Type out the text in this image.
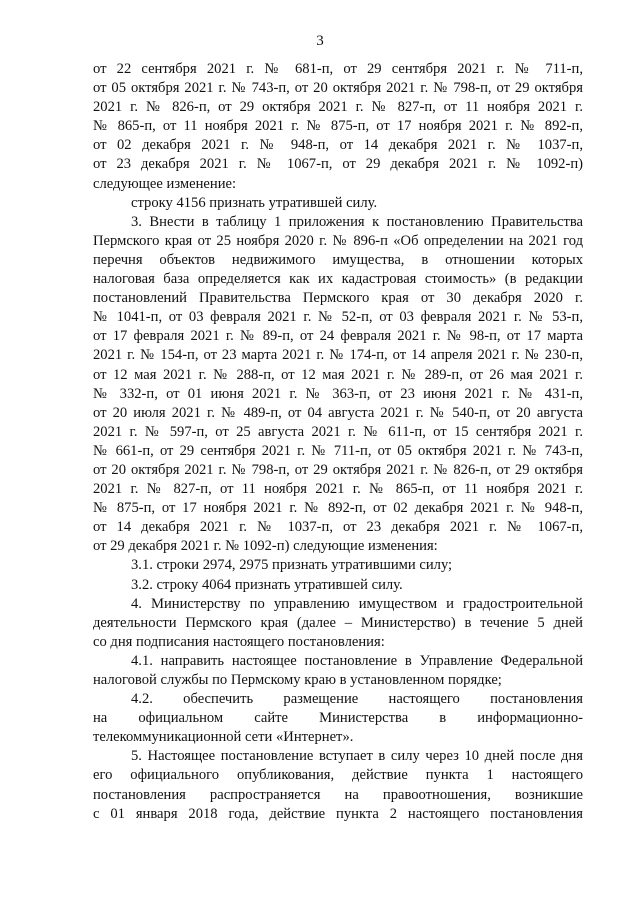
3
от 22 сентября 2021 г. № 681-п, от 29 сентября 2021 г. № 711-п,
от 05 октября 2021 г. № 743-п, от 20 октября 2021 г. № 798-п, от 29 октября
2021 г. № 826-п, от 29 октября 2021 г. № 827-п, от 11 ноября 2021 г.
№ 865-п, от 11 ноября 2021 г. № 875-п, от 17 ноября 2021 г. № 892-п,
от 02 декабря 2021 г. № 948-п, от 14 декабря 2021 г. № 1037-п,
от 23 декабря 2021 г. № 1067-п, от 29 декабря 2021 г. № 1092-п)
следующее изменение:
строку 4156 признать утратившей силу.
3. Внести в таблицу 1 приложения к постановлению Правительства
Пермского края от 25 ноября 2020 г. № 896-п «Об определении на 2021 год
перечня объектов недвижимого имущества, в отношении которых
налоговая база определяется как их кадастровая стоимость» (в редакции
постановлений Правительства Пермского края от 30 декабря 2020 г.
№ 1041-п, от 03 февраля 2021 г. № 52-п, от 03 февраля 2021 г. № 53-п,
от 17 февраля 2021 г. № 89-п, от 24 февраля 2021 г. № 98-п, от 17 марта
2021 г. № 154-п, от 23 марта 2021 г. № 174-п, от 14 апреля 2021 г. № 230-п,
от 12 мая 2021 г. № 288-п, от 12 мая 2021 г. № 289-п, от 26 мая 2021 г.
№ 332-п, от 01 июня 2021 г. № 363-п, от 23 июня 2021 г. № 431-п,
от 20 июля 2021 г. № 489-п, от 04 августа 2021 г. № 540-п, от 20 августа
2021 г. № 597-п, от 25 августа 2021 г. № 611-п, от 15 сентября 2021 г.
№ 661-п, от 29 сентября 2021 г. № 711-п, от 05 октября 2021 г. № 743-п,
от 20 октября 2021 г. № 798-п, от 29 октября 2021 г. № 826-п, от 29 октября
2021 г. № 827-п, от 11 ноября 2021 г. № 865-п, от 11 ноября 2021 г.
№ 875-п, от 17 ноября 2021 г. № 892-п, от 02 декабря 2021 г. № 948-п,
от 14 декабря 2021 г. № 1037-п, от 23 декабря 2021 г. № 1067-п,
от 29 декабря 2021 г. № 1092-п) следующие изменения:
3.1. строки 2974, 2975 признать утратившими силу;
3.2. строку 4064 признать утратившей силу.
4. Министерству по управлению имуществом и градостроительной
деятельности Пермского края (далее – Министерство) в течение 5 дней
со дня подписания настоящего постановления:
4.1. направить настоящее постановление в Управление Федеральной
налоговой службы по Пермскому краю в установленном порядке;
4.2. обеспечить размещение настоящего постановления
на официальном сайте Министерства в информационно-
телекоммуникационной сети «Интернет».
5. Настоящее постановление вступает в силу через 10 дней после дня
его официального опубликования, действие пункта 1 настоящего
постановления распространяется на правоотношения, возникшие
с 01 января 2018 года, действие пункта 2 настоящего постановления
